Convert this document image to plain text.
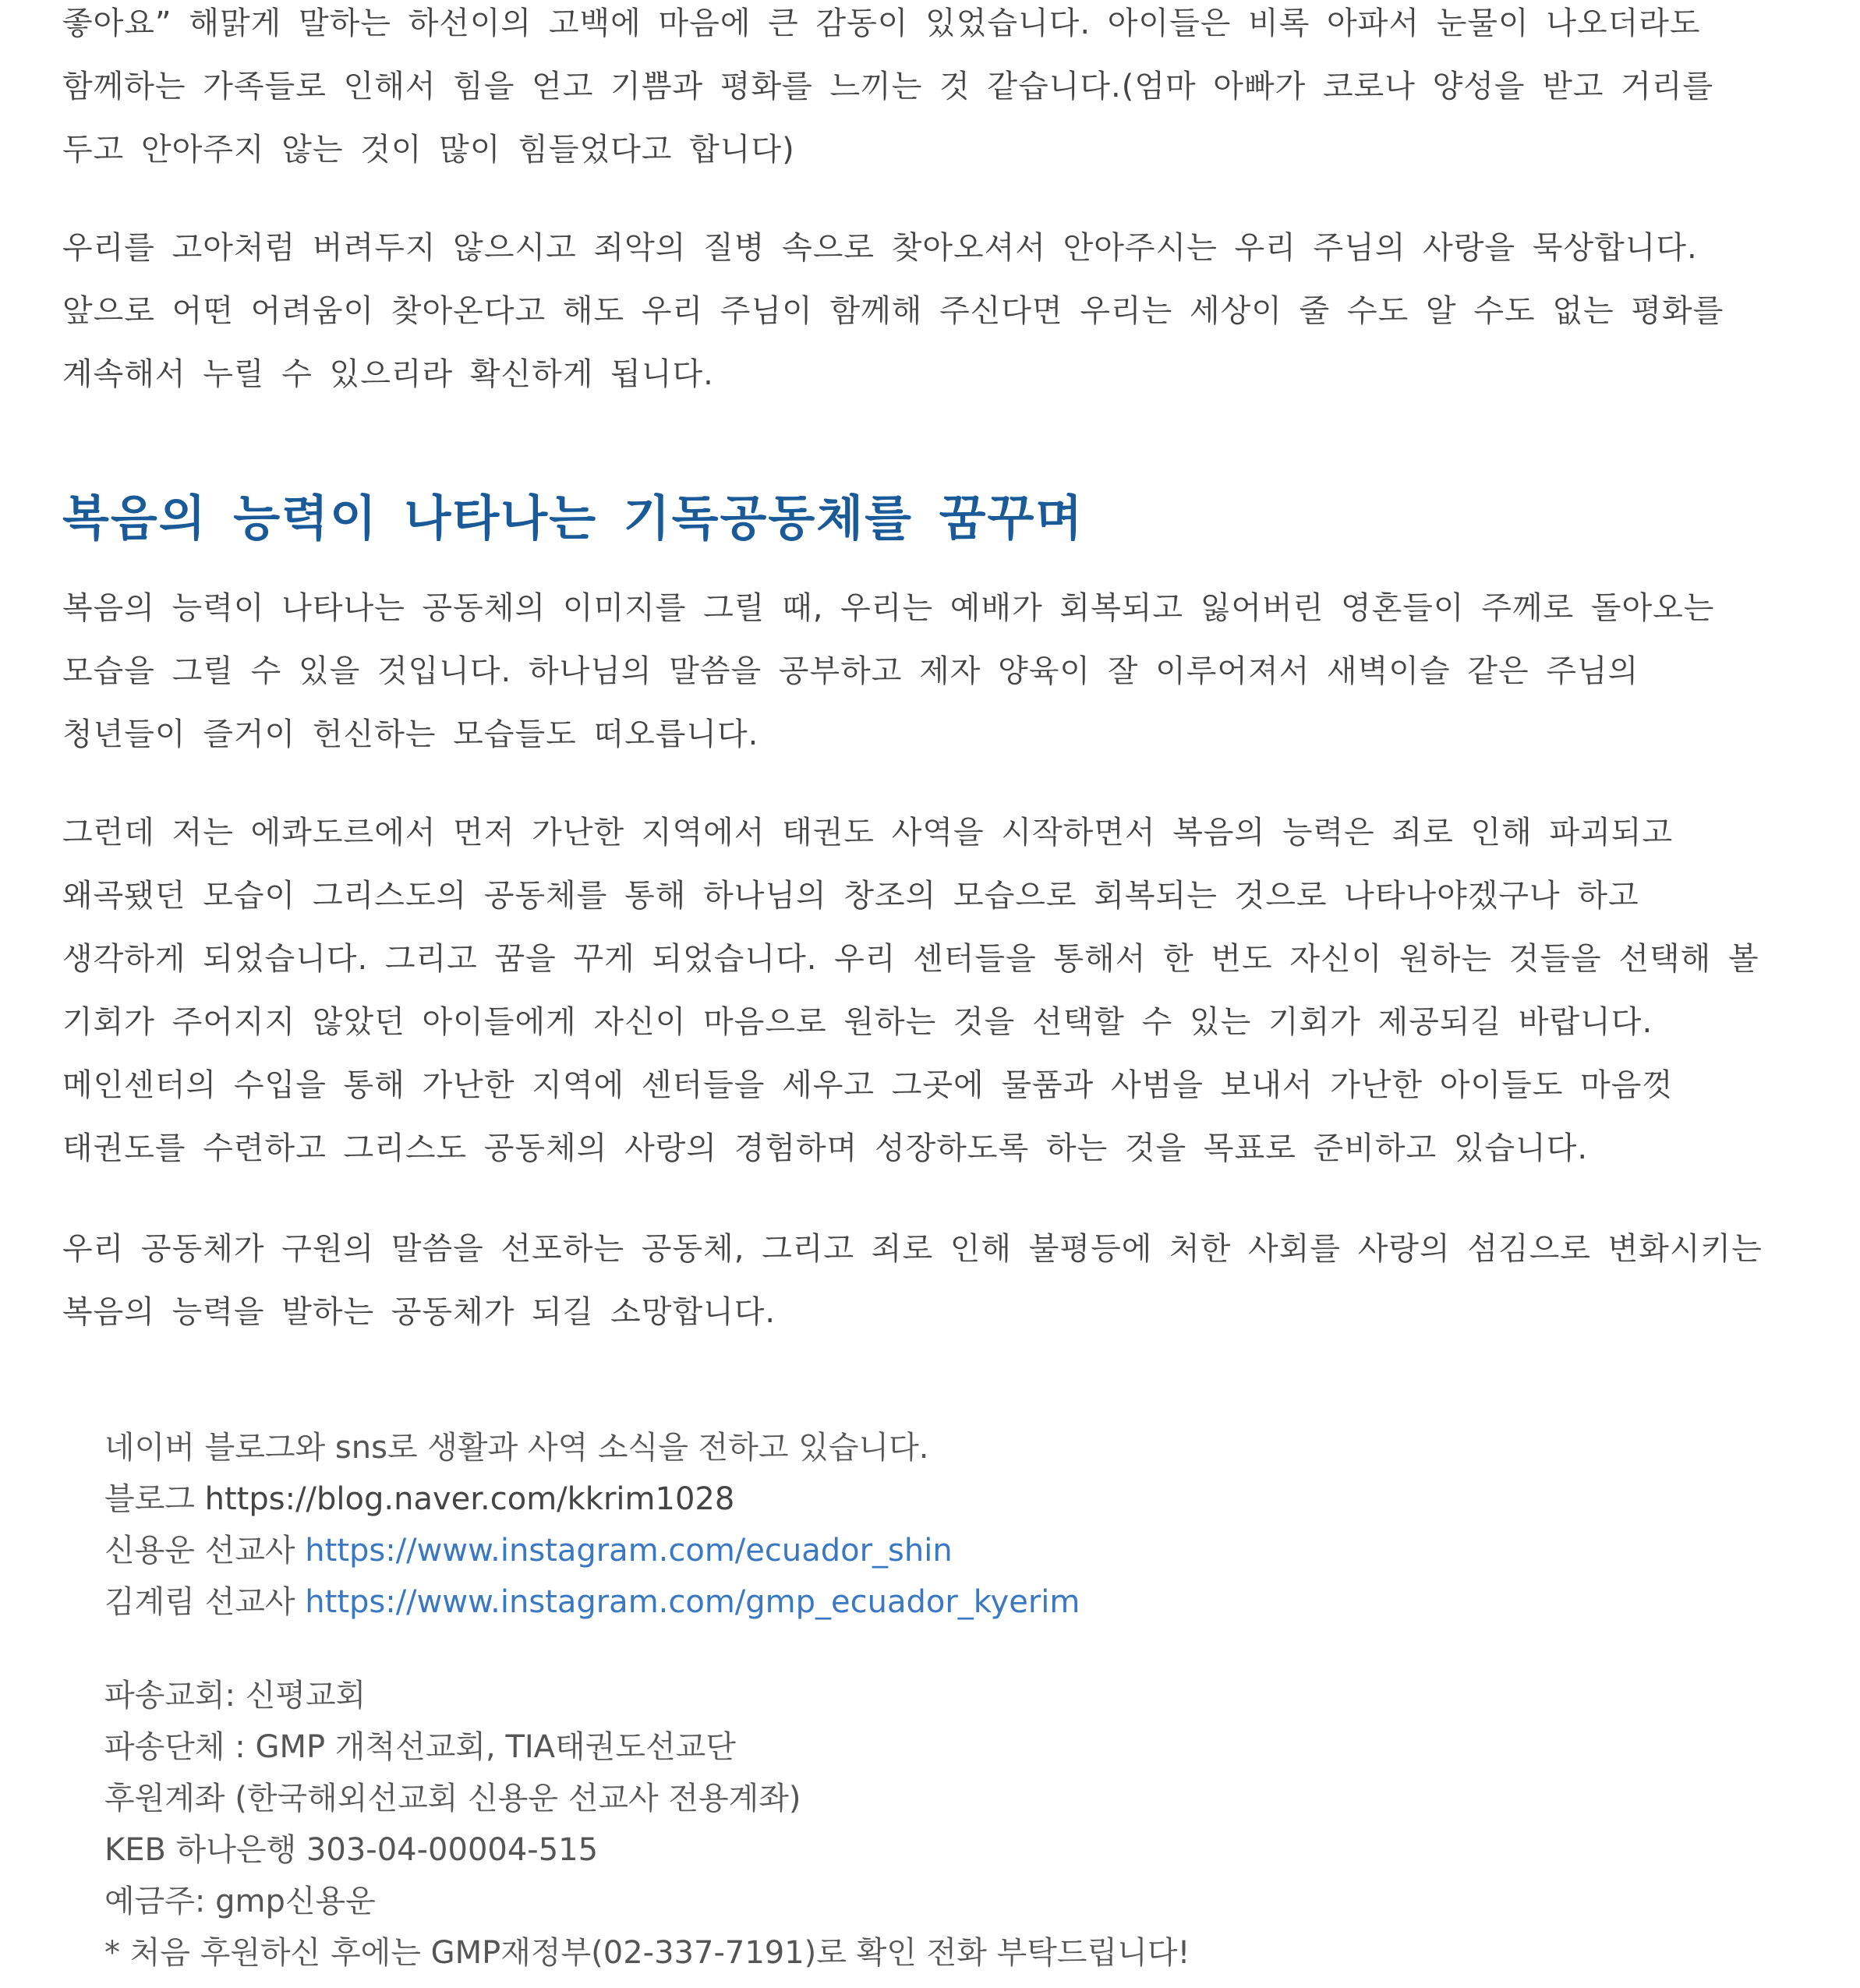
좋아요” 해맑게 말하는 하선이의 고백에 마음에 큰 감동이 있었습니다. 아이들은 비록 아파서 눈물이 나오더라도
함께하는 가족들로 인해서 힘을 얻고 기쁨과 평화를 느끼는 것 같습니다.(엄마 아빠가 코로나 양성을 받고 거리를
두고 안아주지 않는 것이 많이 힘들었다고 합니다)

우리를 고아처럼 버려두지 않으시고 죄악의 질병 속으로 찾아오셔서 안아주시는 우리 주님의 사랑을 묵상합니다.
앞으로 어떤 어려움이 찾아온다고 해도 우리 주님이 함께해 주신다면 우리는 세상이 줄 수도 알 수도 없는 평화를
계속해서 누릴 수 있으리라 확신하게 됩니다.

복음의 능력이 나타나는 기독공동체를 꿈꾸며

복음의 능력이 나타나는 공동체의 이미지를 그릴 때, 우리는 예배가 회복되고 잃어버린 영혼들이 주께로 돌아오는
모습을 그릴 수 있을 것입니다. 하나님의 말씀을 공부하고 제자 양육이 잘 이루어져서 새벽이슬 같은 주님의
청년들이 즐거이 헌신하는 모습들도 떠오릅니다.

그런데 저는 에콰도르에서 먼저 가난한 지역에서 태권도 사역을 시작하면서 복음의 능력은 죄로 인해 파괴되고
왜곡됐던 모습이 그리스도의 공동체를 통해 하나님의 창조의 모습으로 회복되는 것으로 나타나야겠구나 하고
생각하게 되었습니다. 그리고 꿈을 꾸게 되었습니다. 우리 센터들을 통해서 한 번도 자신이 원하는 것들을 선택해 볼
기회가 주어지지 않았던 아이들에게 자신이 마음으로 원하는 것을 선택할 수 있는 기회가 제공되길 바랍니다.
메인센터의 수입을 통해 가난한 지역에 센터들을 세우고 그곳에 물품과 사범을 보내서 가난한 아이들도 마음껏
태권도를 수련하고 그리스도 공동체의 사랑의 경험하며 성장하도록 하는 것을 목표로 준비하고 있습니다.

우리 공동체가 구원의 말씀을 선포하는 공동체, 그리고 죄로 인해 불평등에 처한 사회를 사랑의 섬김으로 변화시키는
복음의 능력을 발하는 공동체가 되길 소망합니다.

네이버 블로그와 sns로 생활과 사역 소식을 전하고 있습니다.
블로그 https://blog.naver.com/kkrim1028
신용운 선교사 https://www.instagram.com/ecuador_shin
김계림 선교사 https://www.instagram.com/gmp_ecuador_kyerim
파송교회: 신평교회
파송단체 : GMP 개척선교회, TIA태권도선교단
후원계좌 (한국해외선교회 신용운 선교사 전용계좌)
KEB 하나은행 303-04-00004-515
예금주: gmp신용운
* 처음 후원하신 후에는 GMP재정부(02-337-7191)로 확인 전화 부탁드립니다!
